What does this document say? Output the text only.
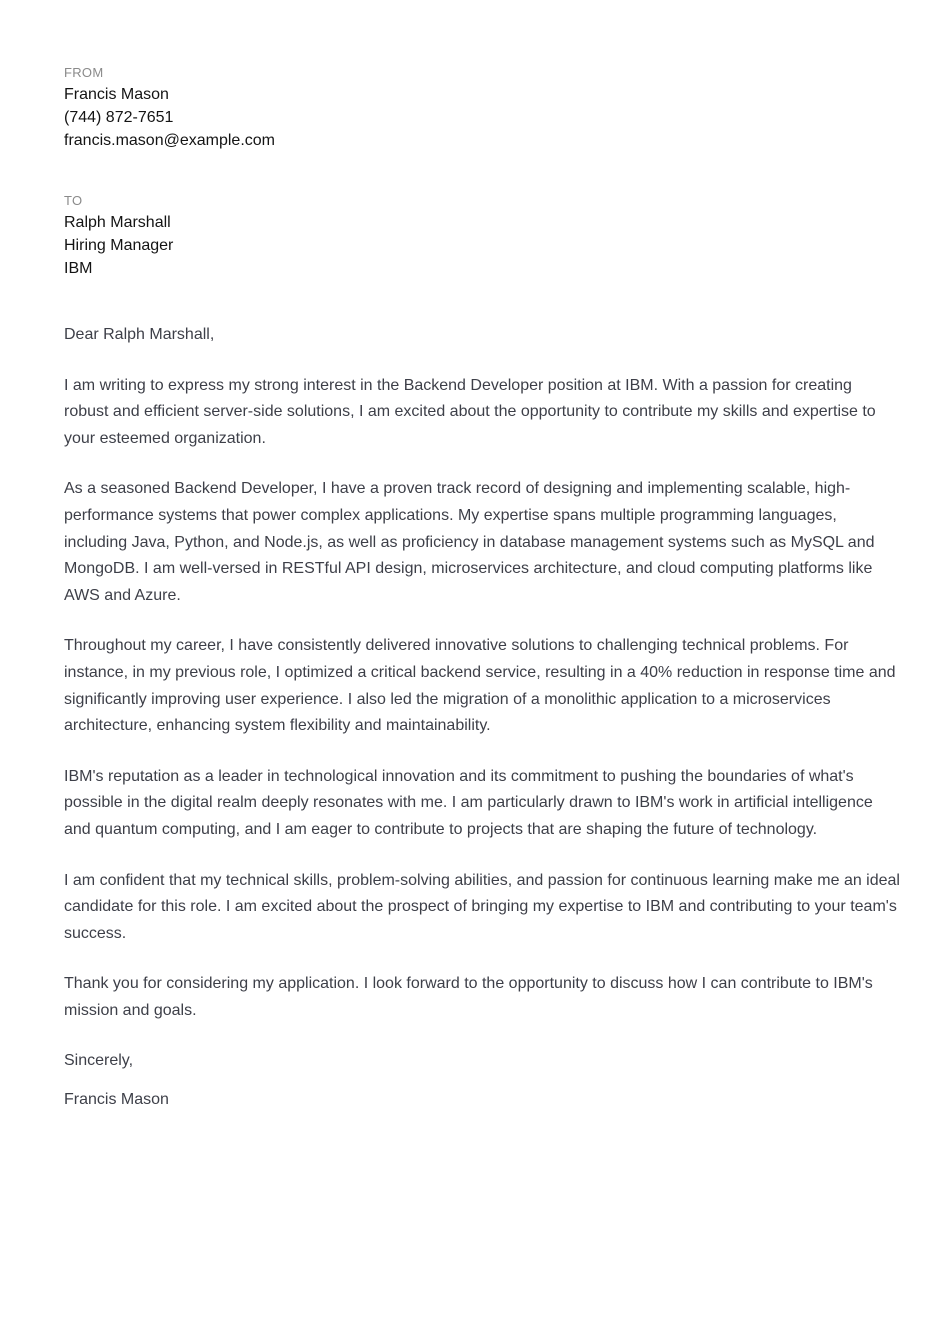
FROM

Francis Mason

(744) 872-7651

francis.mason@example.com

TO

Ralph Marshall

Hiring Manager

IBM

Dear Ralph Marshall,

I am writing to express my strong interest in the Backend Developer position at IBM. With a passion for creating robust and efficient server-side solutions, I am excited about the opportunity to contribute my skills and expertise to your esteemed organization.

As a seasoned Backend Developer, I have a proven track record of designing and implementing scalable, high-performance systems that power complex applications. My expertise spans multiple programming languages, including Java, Python, and Node.js, as well as proficiency in database management systems such as MySQL and MongoDB. I am well-versed in RESTful API design, microservices architecture, and cloud computing platforms like AWS and Azure.

Throughout my career, I have consistently delivered innovative solutions to challenging technical problems. For instance, in my previous role, I optimized a critical backend service, resulting in a 40% reduction in response time and significantly improving user experience. I also led the migration of a monolithic application to a microservices architecture, enhancing system flexibility and maintainability.

IBM's reputation as a leader in technological innovation and its commitment to pushing the boundaries of what's possible in the digital realm deeply resonates with me. I am particularly drawn to IBM's work in artificial intelligence and quantum computing, and I am eager to contribute to projects that are shaping the future of technology.

I am confident that my technical skills, problem-solving abilities, and passion for continuous learning make me an ideal candidate for this role. I am excited about the prospect of bringing my expertise to IBM and contributing to your team's success.

Thank you for considering my application. I look forward to the opportunity to discuss how I can contribute to IBM's mission and goals.

Sincerely,

Francis Mason
